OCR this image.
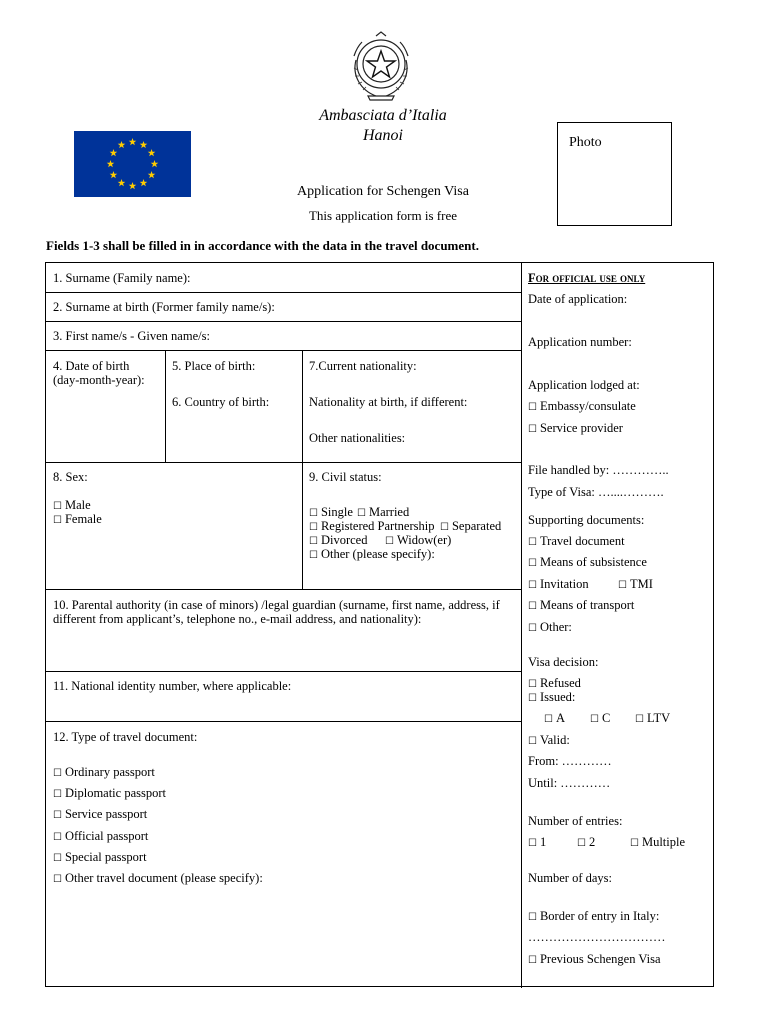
Ambasciata d’Italia
Hanoi	Photo
Application for Schengen Visa
This application form is free
Fields 1-3 shall be filled in in accordance with the data in the travel document.
1. Surname (Family name):
2. Surname at birth (Former family name/s):
3. First name/s - Given name/s:
4. Date of birth
(day-month-year):
5. Place of birth:
6. Country of birth:
7.Current nationality:
Nationality at birth, if different:
Other nationalities:
8. Sex:
☐ Male
☐ Female
9. Civil status:
☐ Single	☐ Married
☐ Registered Partnership	☐ Separated
☐ Divorced	☐ Widow(er)
☐ Other (please specify):
10. Parental authority (in case of minors) /legal guardian (surname, first name, address, if different from applicant’s, telephone no., e-mail address, and nationality):
11. National identity number, where applicable:
12. Type of travel document:
☐ Ordinary passport
☐ Diplomatic passport
☐ Service passport
☐ Official passport
☐ Special passport
☐ Other travel document (please specify):
For official use only
Date of application:
Application number:
Application lodged at:
☐ Embassy/consulate
☐ Service provider
File handled by: …………..
Type of Visa: …....……….
Supporting documents:
☐ Travel document
☐ Means of subsistence
☐ Invitation	☐ TMI
☐ Means of transport
☐ Other:
Visa decision:
☐ Refused
☐ Issued:
☐ A	☐ C	☐ LTV
☐ Valid:
From: …………
Until: …………
Number of entries:
☐ 1	☐ 2	☐ Multiple
Number of days:
☐ Border of entry in Italy:
……………………………
☐ Previous Schengen Visa
